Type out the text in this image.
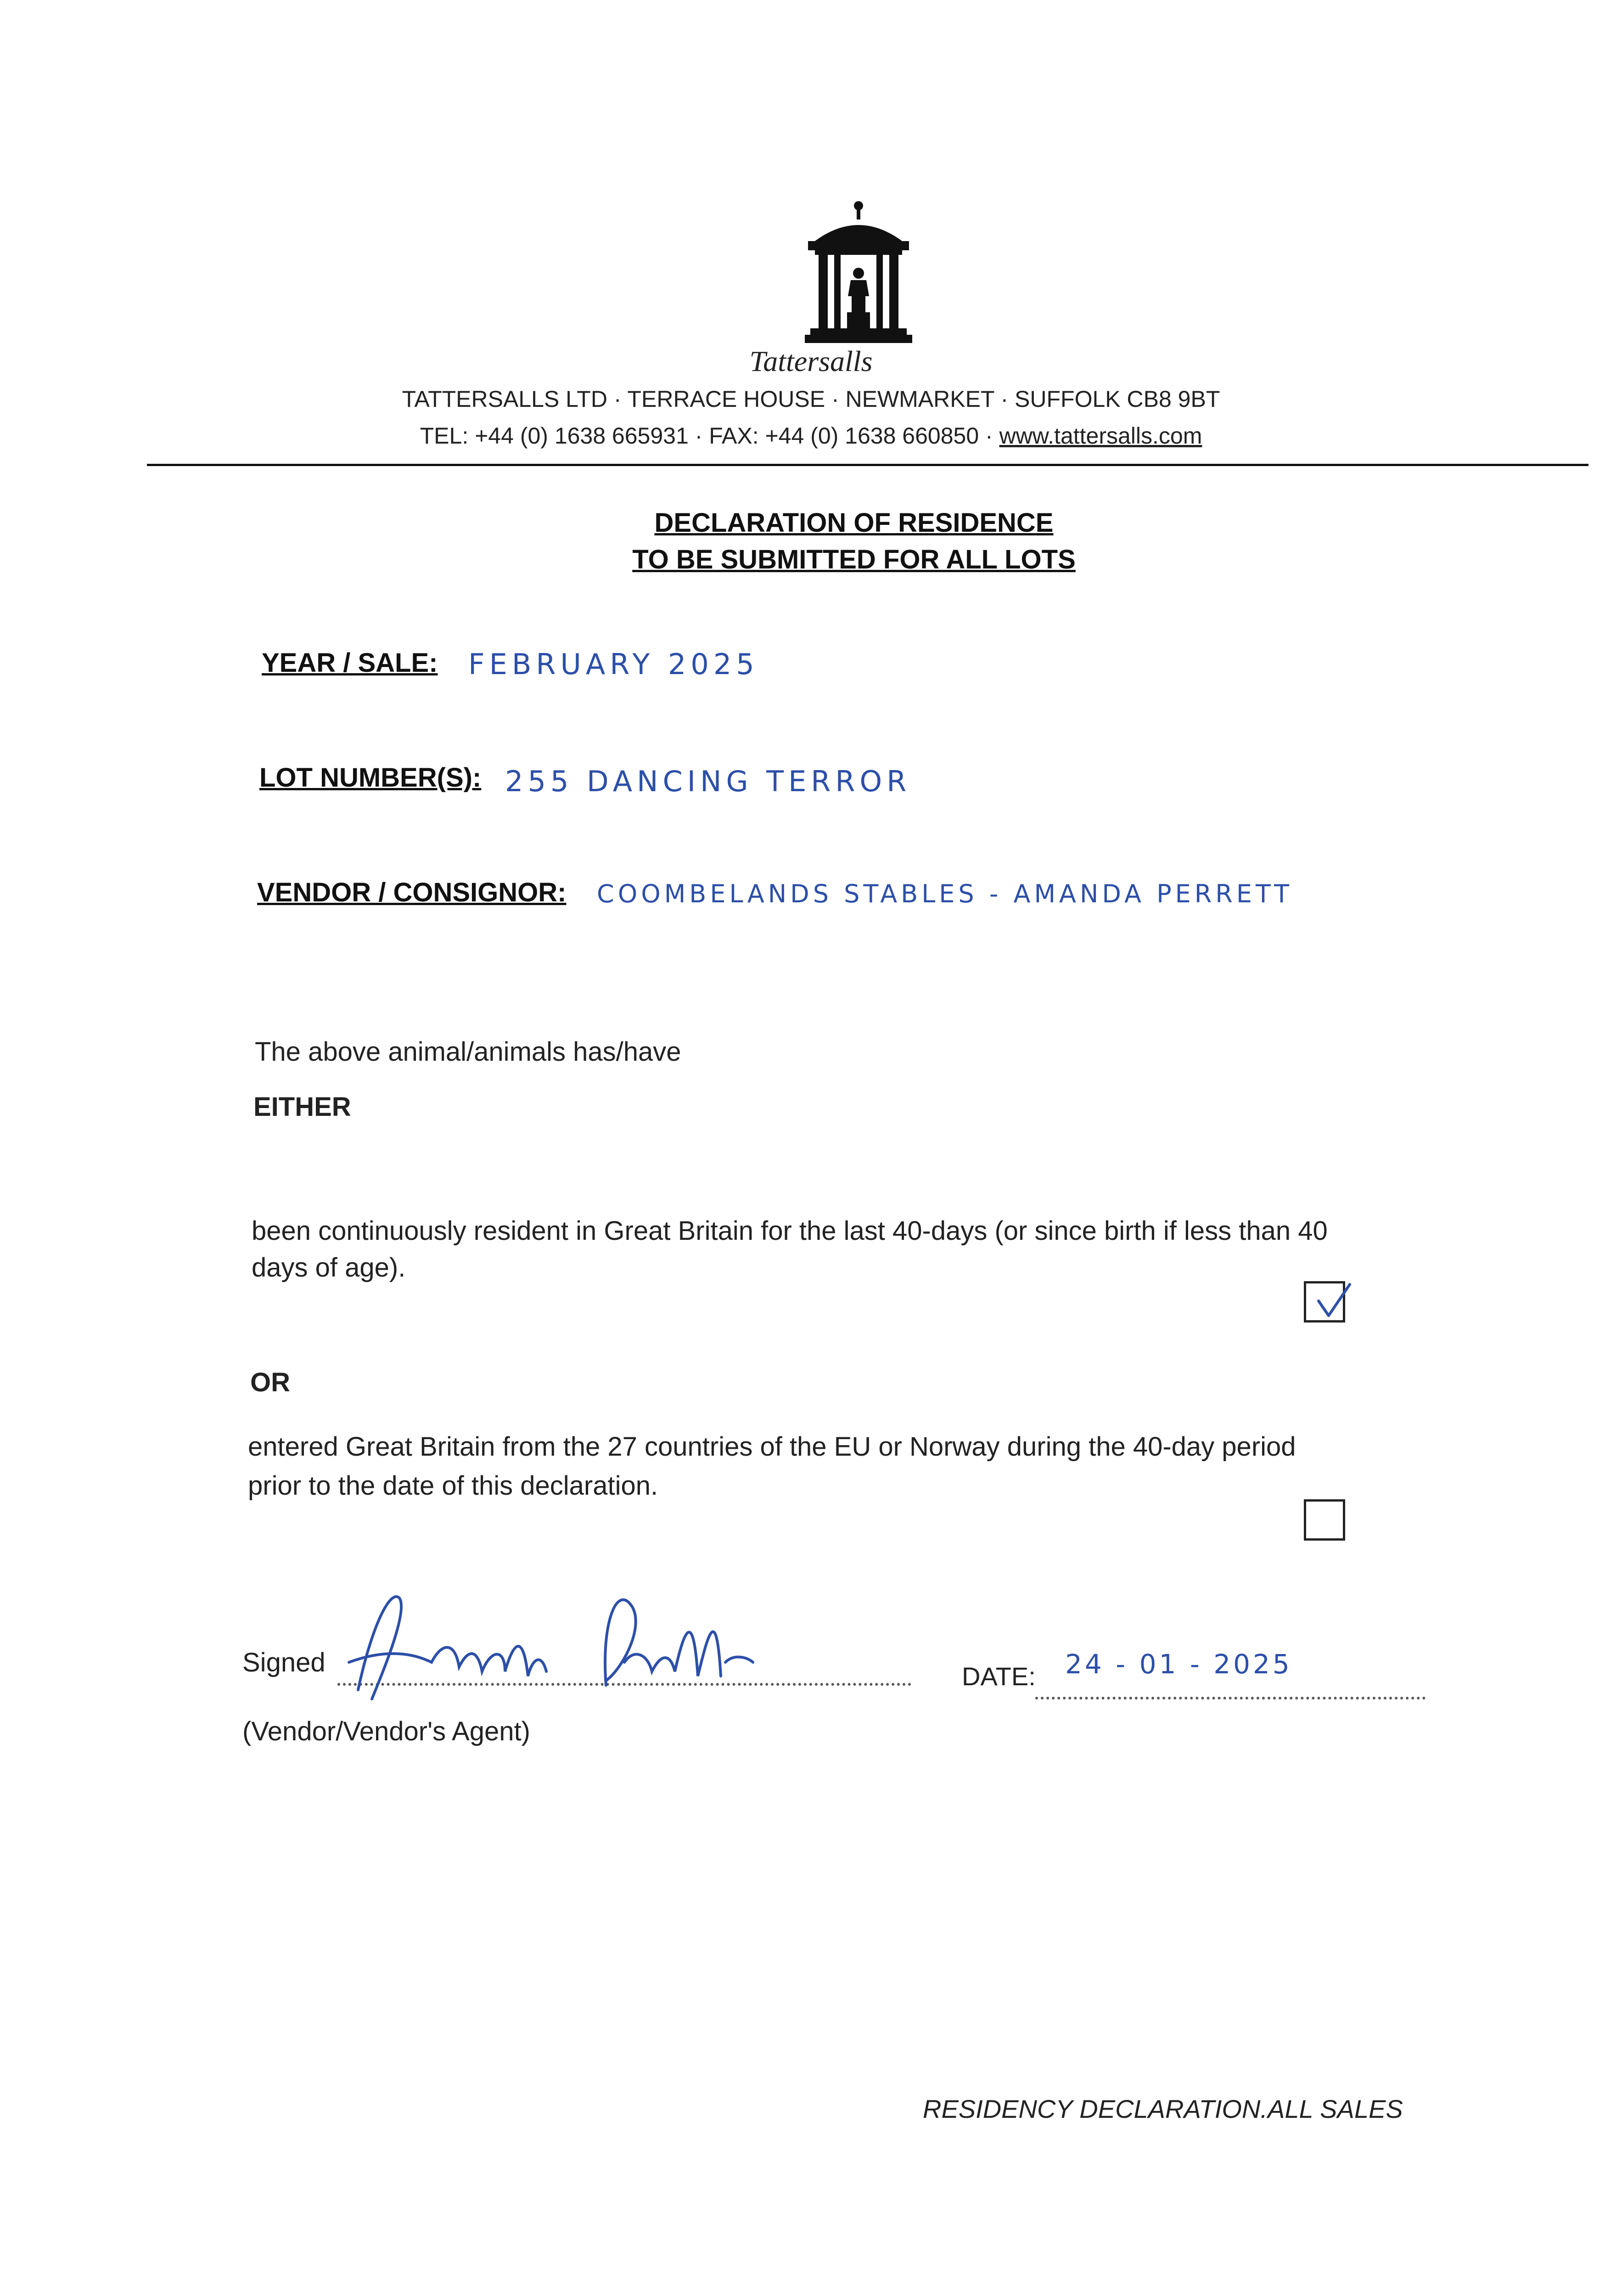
Tattersalls
TATTERSALLS LTD · TERRACE HOUSE · NEWMARKET · SUFFOLK CB8 9BT
TEL: +44 (0) 1638 665931 · FAX: +44 (0) 1638 660850 · www.tattersalls.com
DECLARATION OF RESIDENCE
TO BE SUBMITTED FOR ALL LOTS
YEAR / SALE: FEBRUARY 2025
LOT NUMBER(S): 255 DANCING TERROR
VENDOR / CONSIGNOR: COOMBELANDS STABLES - AMANDA PERRETT
The above animal/animals has/have
EITHER
been continuously resident in Great Britain for the last 40-days (or since birth if less than 40
days of age).
OR
entered Great Britain from the 27 countries of the EU or Norway during the 40-day period
prior to the date of this declaration.
Signed	DATE: 24 - 01 - 2025
(Vendor/Vendor's Agent)
RESIDENCY DECLARATION.ALL SALES
